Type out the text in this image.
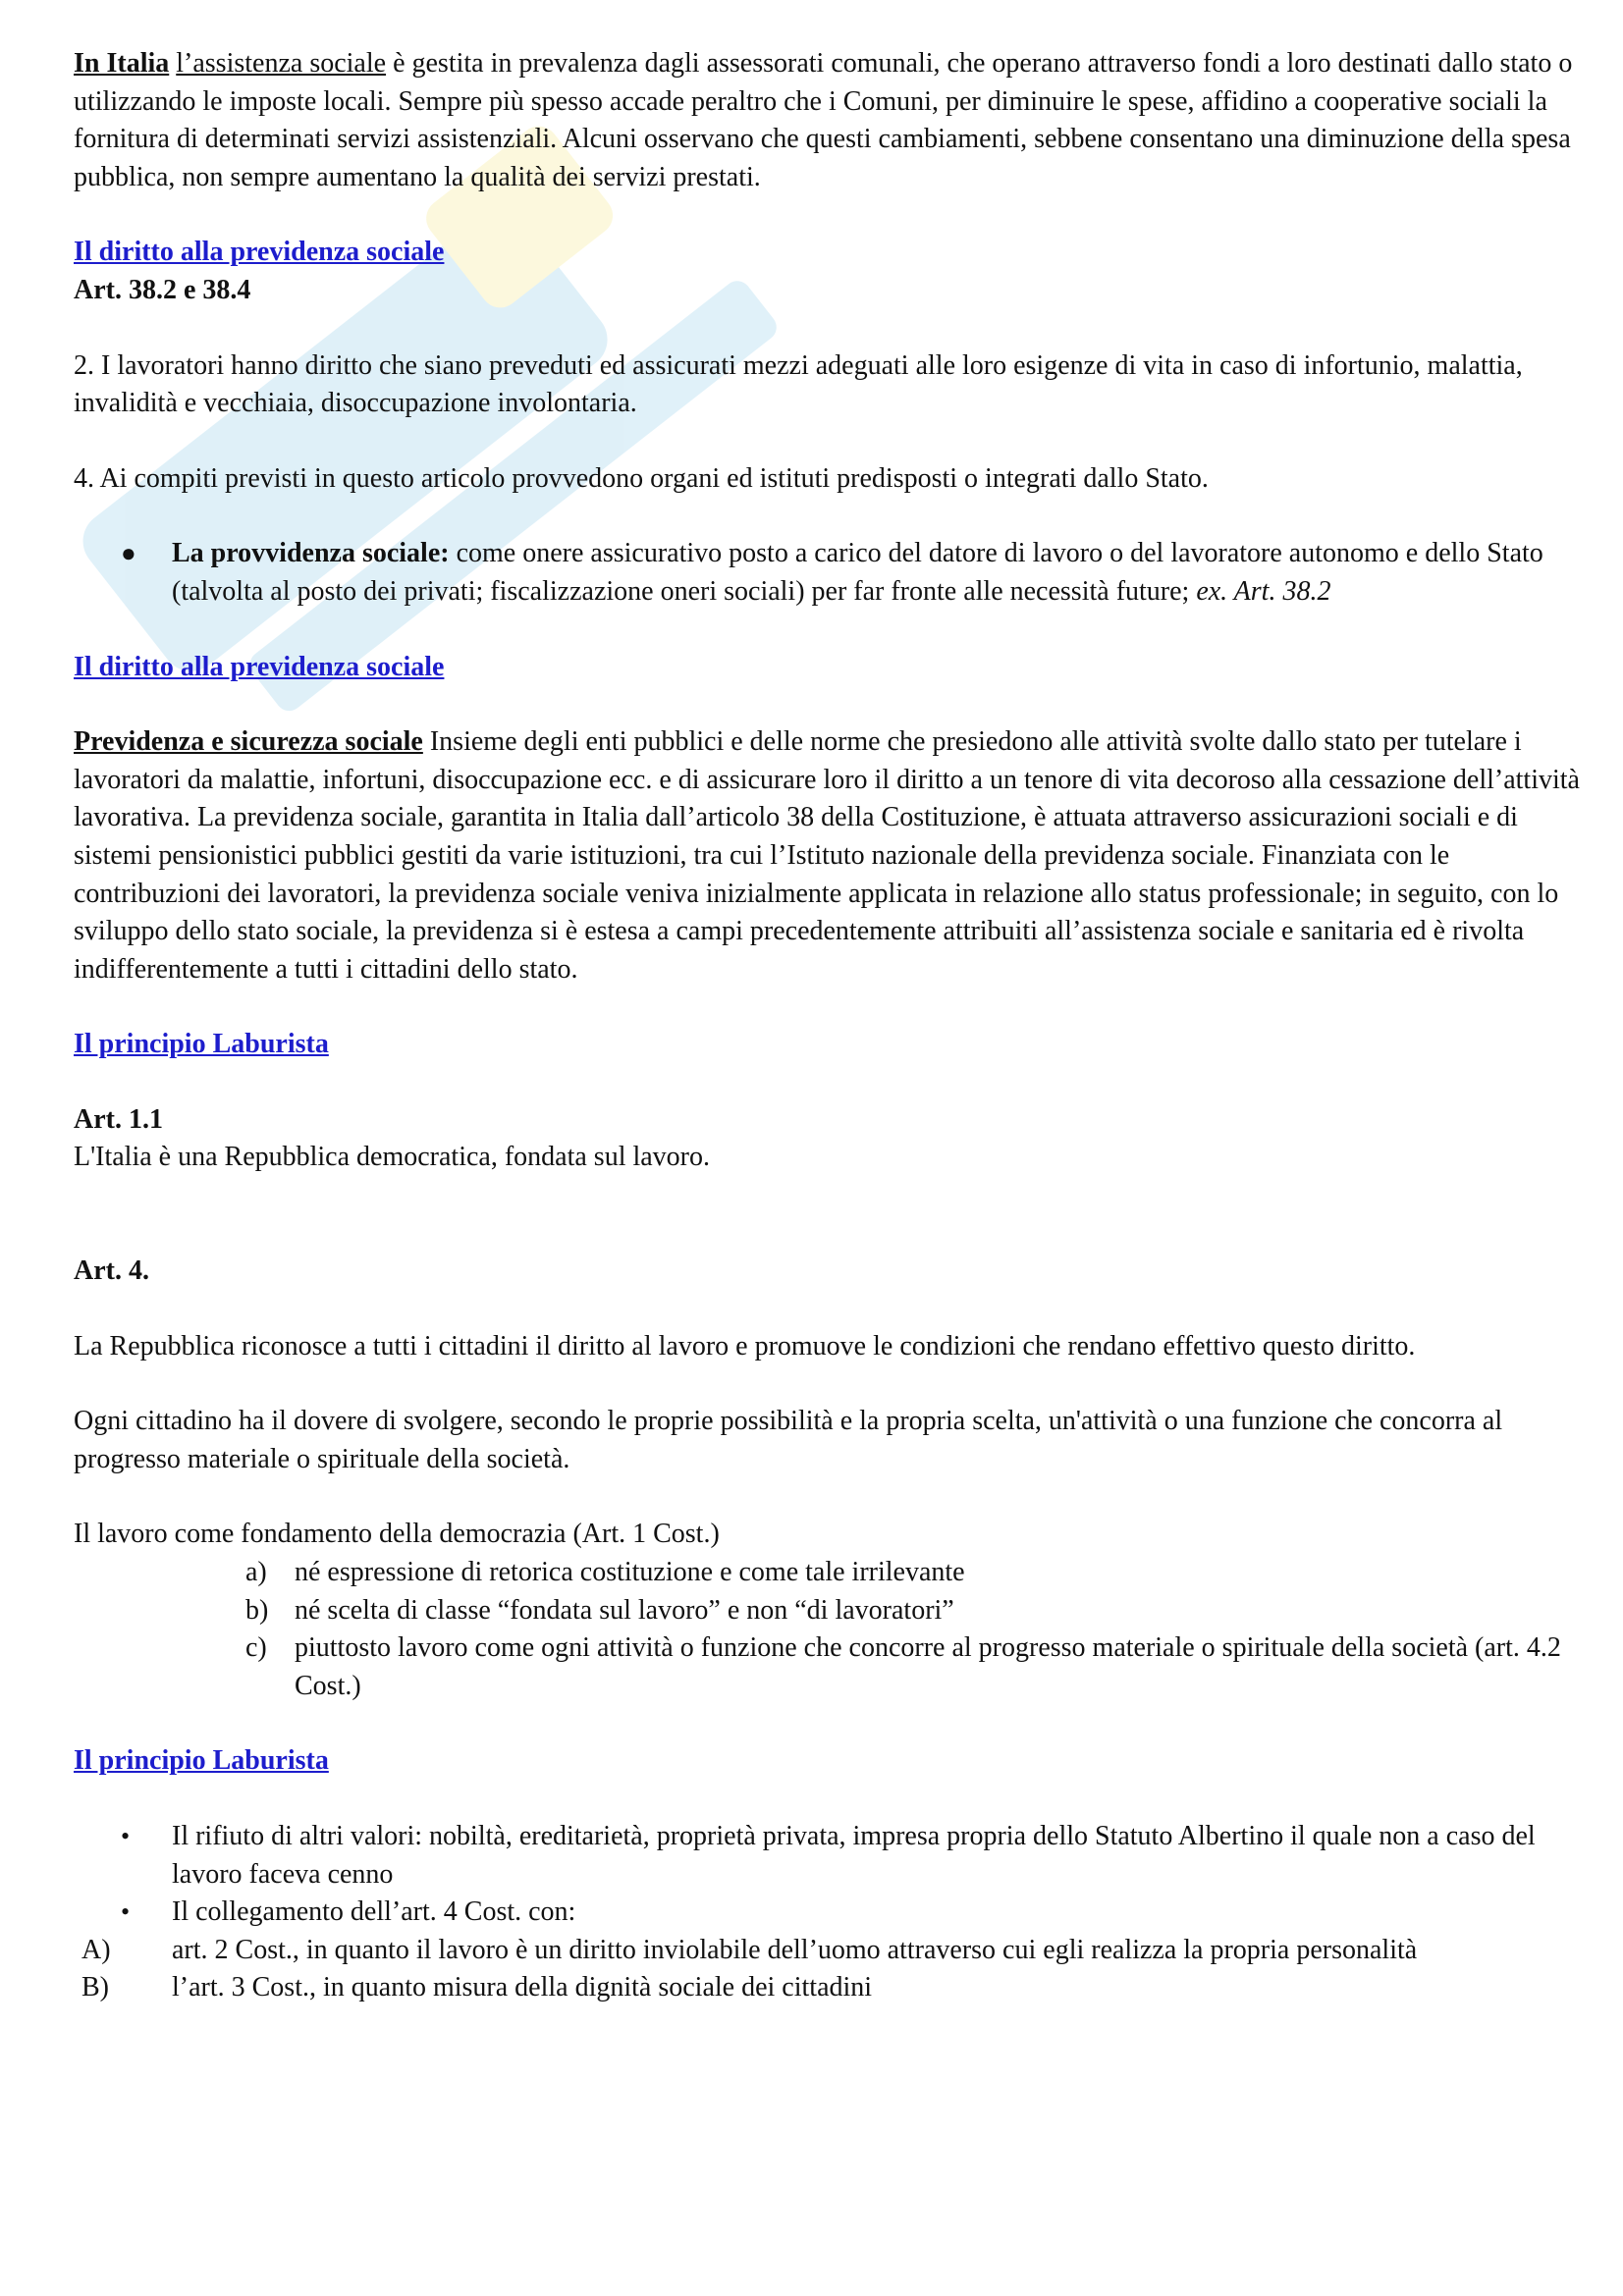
In Italia l’assistenza sociale è gestita in prevalenza dagli assessorati comunali, che operano attraverso fondi a loro destinati dallo stato o utilizzando le imposte locali. Sempre più spesso accade peraltro che i Comuni, per diminuire le spese, affidino a cooperative sociali la fornitura di determinati servizi assistenziali. Alcuni osservano che questi cambiamenti, sebbene consentano una diminuzione della spesa pubblica, non sempre aumentano la qualità dei servizi prestati.

Il diritto alla previdenza sociale

Art. 38.2 e 38.4

2. I lavoratori hanno diritto che siano preveduti ed assicurati mezzi adeguati alle loro esigenze di vita in caso di infortunio, malattia, invalidità e vecchiaia, disoccupazione involontaria.

4. Ai compiti previsti in questo articolo provvedono organi ed istituti predisposti o integrati dallo Stato.

● La provvidenza sociale: come onere assicurativo posto a carico del datore di lavoro o del lavoratore autonomo e dello Stato (talvolta al posto dei privati; fiscalizzazione oneri sociali) per far fronte alle necessità future; ex. Art. 38.2

Il diritto alla previdenza sociale

Previdenza e sicurezza sociale Insieme degli enti pubblici e delle norme che presiedono alle attività svolte dallo stato per tutelare i lavoratori da malattie, infortuni, disoccupazione ecc. e di assicurare loro il diritto a un tenore di vita decoroso alla cessazione dell’attività lavorativa. La previdenza sociale, garantita in Italia dall’articolo 38 della Costituzione, è attuata attraverso assicurazioni sociali e di sistemi pensionistici pubblici gestiti da varie istituzioni, tra cui l’Istituto nazionale della previdenza sociale. Finanziata con le contribuzioni dei lavoratori, la previdenza sociale veniva inizialmente applicata in relazione allo status professionale; in seguito, con lo sviluppo dello stato sociale, la previdenza si è estesa a campi precedentemente attribuiti all’assistenza sociale e sanitaria ed è rivolta indifferentemente a tutti i cittadini dello stato.

Il principio Laburista

Art. 1.1

L'Italia è una Repubblica democratica, fondata sul lavoro.

Art. 4.

La Repubblica riconosce a tutti i cittadini il diritto al lavoro e promuove le condizioni che rendano effettivo questo diritto.

Ogni cittadino ha il dovere di svolgere, secondo le proprie possibilità e la propria scelta, un'attività o una funzione che concorra al progresso materiale o spirituale della società.

Il lavoro come fondamento della democrazia (Art. 1 Cost.)

a) né espressione di retorica costituzione e come tale irrilevante
b) né scelta di classe “fondata sul lavoro” e non “di lavoratori”
c) piuttosto lavoro come ogni attività o funzione che concorre al progresso materiale o spirituale della società (art. 4.2 Cost.)

Il principio Laburista

• Il rifiuto di altri valori: nobiltà, ereditarietà, proprietà privata, impresa propria dello Statuto Albertino il quale non a caso del lavoro faceva cenno
• Il collegamento dell’art. 4 Cost. con:
A) art. 2 Cost., in quanto il lavoro è un diritto inviolabile dell’uomo attraverso cui egli realizza la propria personalità
B) l’art. 3 Cost., in quanto misura della dignità sociale dei cittadini
